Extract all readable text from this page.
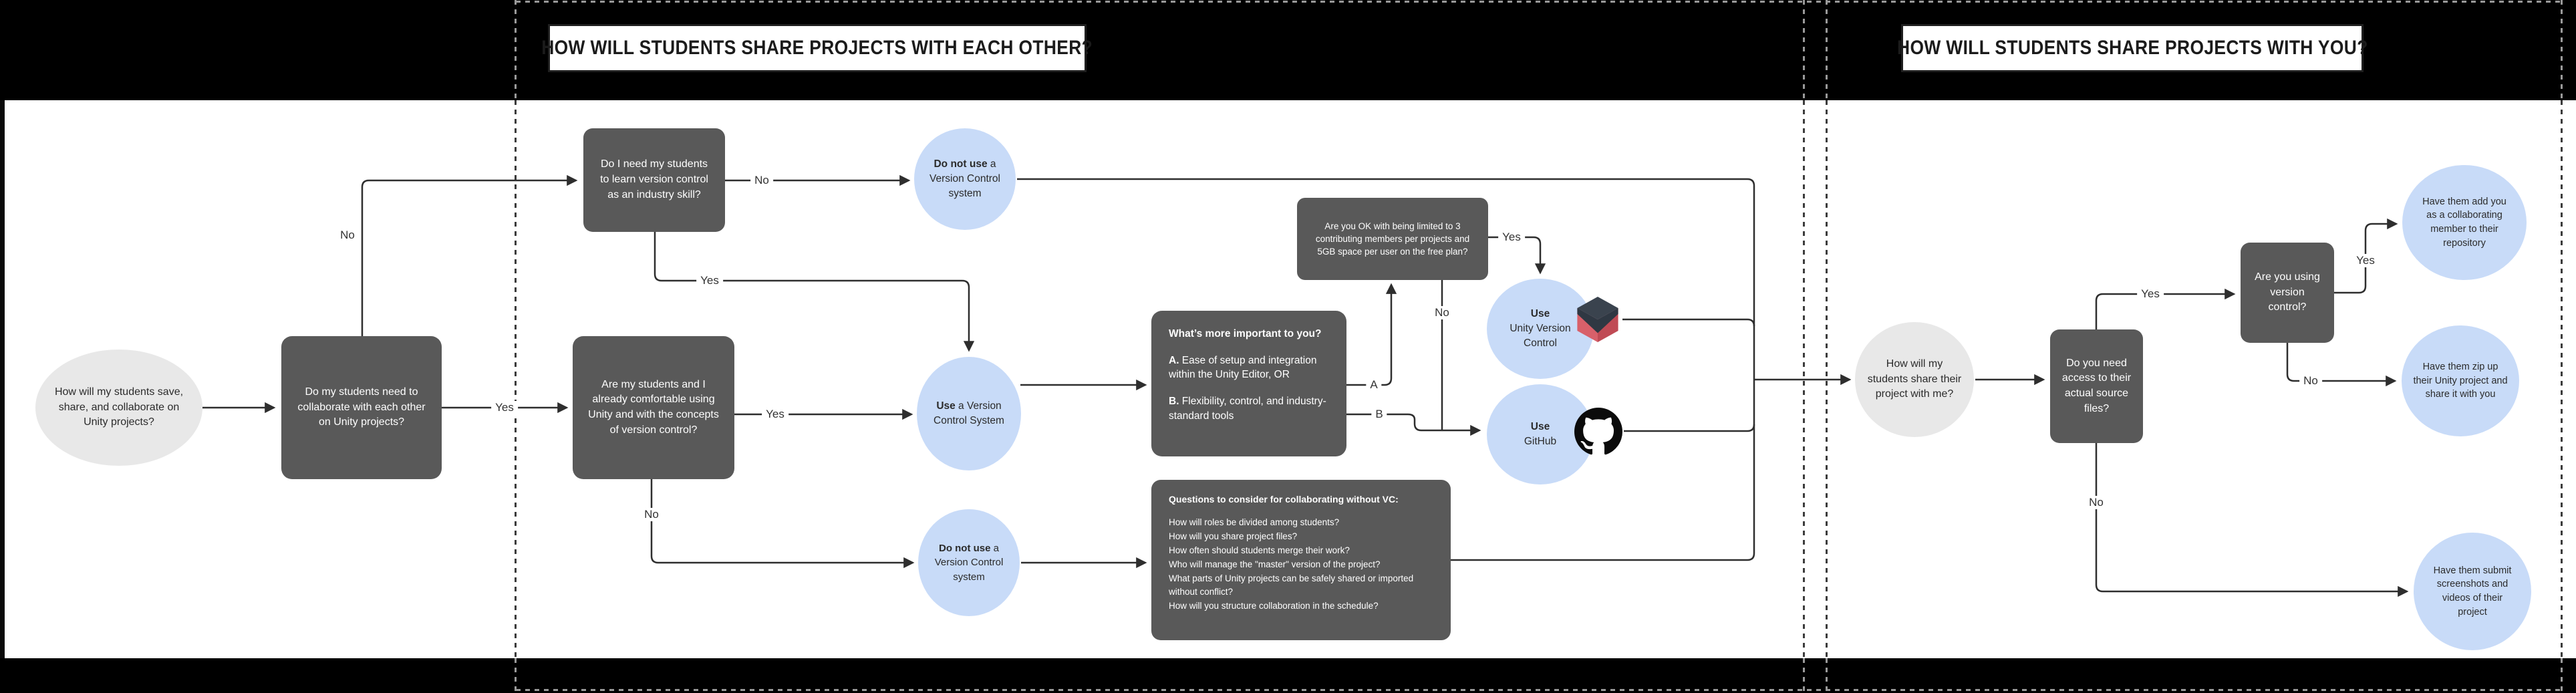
HOW WILL STUDENTS SHARE PROJECTS WITH EACH OTHER?	HOW WILL STUDENTS SHARE PROJECTS WITH YOU?
How will my students save, share, and collaborate on Unity projects?
Do my students need to collaborate with each other on Unity projects?
Do I need my students to learn version control as an industry skill?
Do not use a Version Control system
Are my students and I already comfortable using Unity and with the concepts of version control?
Use a Version Control System
Do not use a Version Control system
What’s more important to you?
A. Ease of setup and integration within the Unity Editor, OR
B. Flexibility, control, and industry-standard tools
Are you OK with being limited to 3 contributing members per projects and 5GB space per user on the free plan?
Use
Unity Version Control
Use
GitHub
Questions to consider for collaborating without VC:
How will roles be divided among students?
How will you share project files?
How often should students merge their work?
Who will manage the "master" version of the project?
What parts of Unity projects can be safely shared or imported without conflict?
How will you structure collaboration in the schedule?
How will my students share their project with me?
Do you need access to their actual source files?
Are you using version control?
Have them add you as a collaborating member to their repository
Have them zip up their Unity project and share it with you
Have them submit screenshots and videos of their project
No
Yes
No
Yes
Yes
No
A
B
Yes
No
Yes
No
Yes
No
